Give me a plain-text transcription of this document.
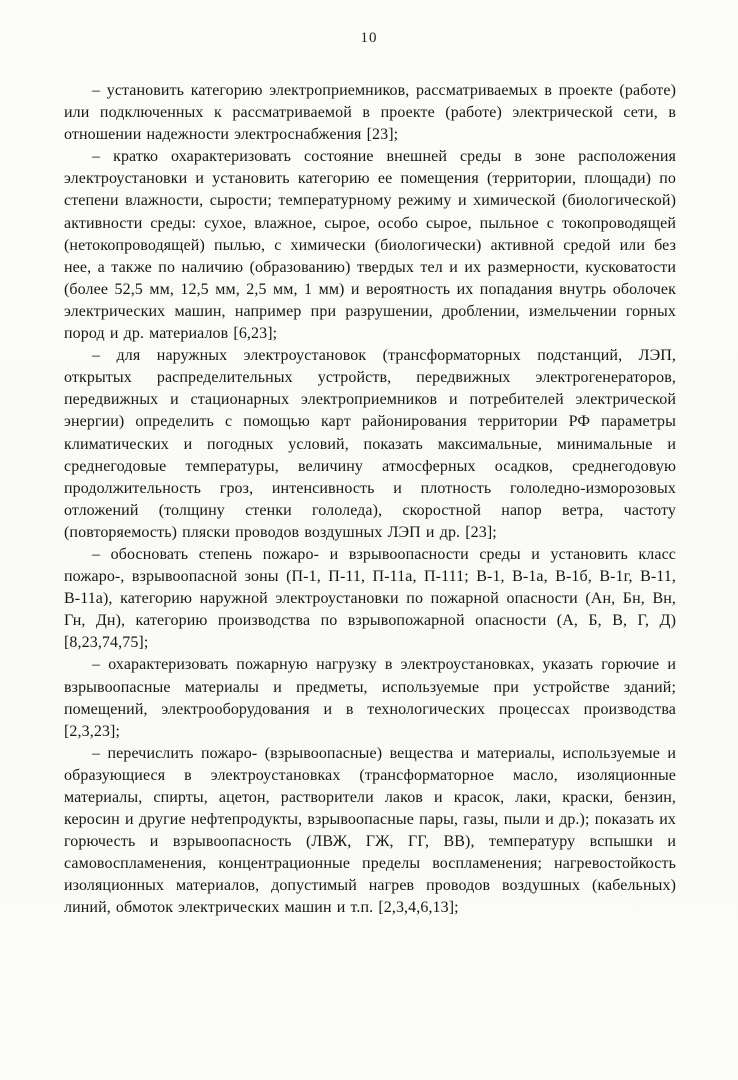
10

– установить категорию электроприемников, рассматриваемых в проекте (работе) или подключенных к рассматриваемой в проекте (работе) электрической сети, в отношении надежности электроснабжения [23];

– кратко охарактеризовать состояние внешней среды в зоне расположения электроустановки и установить категорию ее помещения (территории, площади) по степени влажности, сырости; температурному режиму и химической (биологической) активности среды: сухое, влажное, сырое, особо сырое, пыльное с токопроводящей (нетокопроводящей) пылью, с химически (биологически) активной средой или без нее, а также по наличию (образованию) твердых тел и их размерности, кусковатости (более 52,5 мм, 12,5 мм, 2,5 мм, 1 мм) и вероятность их попадания внутрь оболочек электрических машин, например при разрушении, дроблении, измельчении горных пород и др. материалов [6,23];

– для наружных электроустановок (трансформаторных подстанций, ЛЭП, открытых распределительных устройств, передвижных электрогенераторов, передвижных и стационарных электроприемников и потребителей электрической энергии) определить с помощью карт районирования территории РФ параметры климатических и погодных условий, показать максимальные, минимальные и среднегодовые температуры, величину атмосферных осадков, среднегодовую продолжительность гроз, интенсивность и плотность гололедно-изморозовых отложений (толщину стенки гололеда), скоростной напор ветра, частоту (повторяемость) пляски проводов воздушных ЛЭП и др. [23];

– обосновать степень пожаро- и взрывоопасности среды и установить класс пожаро-, взрывоопасной зоны (П-1, П-11, П-11а, П-111; В-1, В-1а, В-1б, В-1г, В-11, В-11а), категорию наружной электроустановки по пожарной опасности (Ан, Бн, Вн, Гн, Дн), категорию производства по взрывопожарной опасности (А, Б, В, Г, Д) [8,23,74,75];

– охарактеризовать пожарную нагрузку в электроустановках, указать горючие и взрывоопасные материалы и предметы, используемые при устройстве зданий; помещений, электрооборудования и в технологических процессах производства [2,3,23];

– перечислить пожаро- (взрывоопасные) вещества и материалы, используемые и образующиеся в электроустановках (трансформаторное масло, изоляционные материалы, спирты, ацетон, растворители лаков и красок, лаки, краски, бензин, керосин и другие нефтепродукты, взрывоопасные пары, газы, пыли и др.); показать их горючесть и взрывоопасность (ЛВЖ, ГЖ, ГГ, ВВ), температуру вспышки и самовоспламенения, концентрационные пределы воспламенения; нагревостойкость изоляционных материалов, допустимый нагрев проводов воздушных (кабельных) линий, обмоток электрических машин и т.п. [2,3,4,6,13];
